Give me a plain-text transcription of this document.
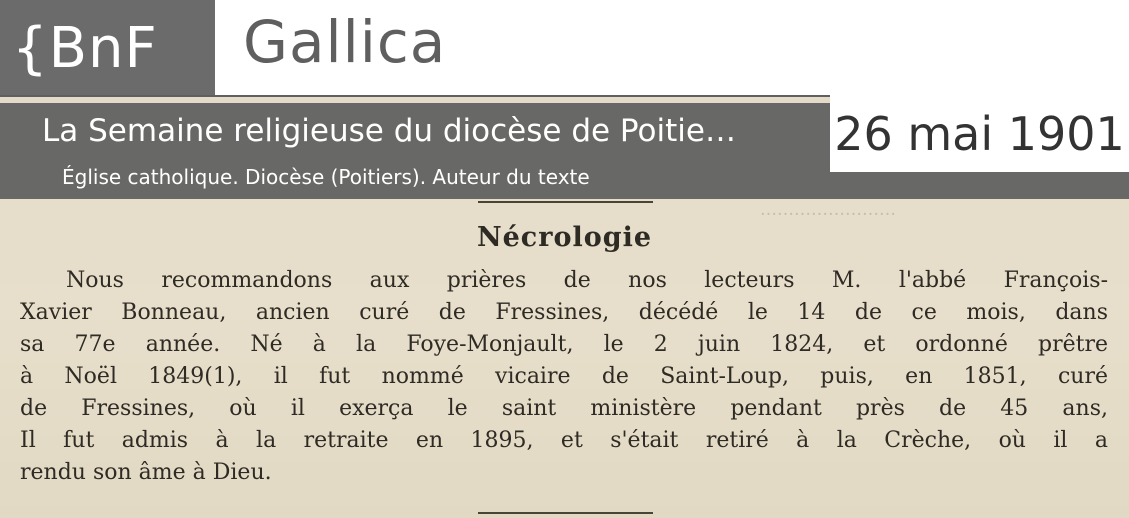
……………………
Nécrologie
Nous recommandons aux prières de nos lecteurs M. l'abbé François-
Xavier Bonneau, ancien curé de Fressines, décédé le 14 de ce mois, dans
sa 77e année. Né à la Foye-Monjault, le 2 juin 1824, et ordonné prêtre
à Noël 1849(1), il fut nommé vicaire de Saint-Loup, puis, en 1851, curé
de Fressines, où il exerça le saint ministère pendant près de 45 ans,
Il fut admis à la retraite en 1895, et s'était retiré à la Crèche, où il a
rendu son âme à Dieu.
{BnF	Gallica
La Semaine religieuse du diocèse de Poitie…
Église catholique. Diocèse (Poitiers). Auteur du texte
26 mai 1901
